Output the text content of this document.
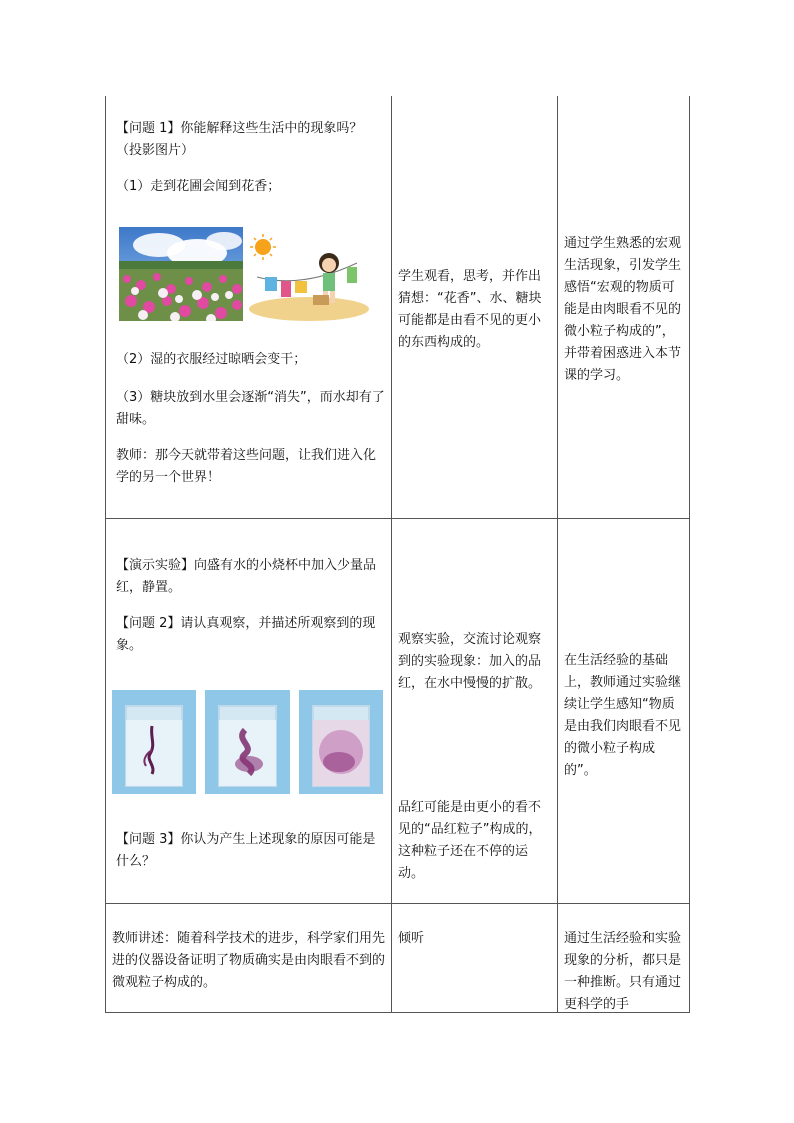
【问题 1】你能解释这些生活中的现象吗？（投影图片）

（1）走到花圃会闻到花香；

（2）湿的衣服经过晾晒会变干；

（3）糖块放到水里会逐渐“消失”，而水却有了甜味。

教师：那今天就带着这些问题，让我们进入化学的另一个世界！

学生观看，思考，并作出猜想：“花香”、水、糖块可能都是由看不见的更小的东西构成的。

通过学生熟悉的宏观生活现象，引发学生感悟“宏观的物质可能是由肉眼看不见的微小粒子构成的”，并带着困惑进入本节课的学习。

【演示实验】向盛有水的小烧杯中加入少量品红，静置。

【问题 2】请认真观察，并描述所观察到的现象。

【问题 3】你认为产生上述现象的原因可能是什么？

观察实验，交流讨论观察到的实验现象：加入的品红，在水中慢慢的扩散。

品红可能是由更小的看不见的“品红粒子”构成的，这种粒子还在不停的运动。

在生活经验的基础上，教师通过实验继续让学生感知“物质是由我们肉眼看不见的微小粒子构成的”。

教师讲述：随着科学技术的进步，科学家们用先进的仪器设备证明了物质确实是由肉眼看不到的微观粒子构成的。

倾听	通过生活经验和实验现象的分析，都只是一种推断。只有通过更科学的手
